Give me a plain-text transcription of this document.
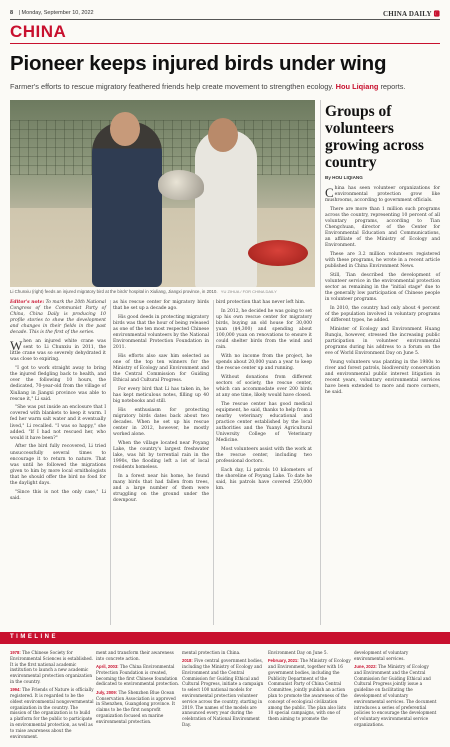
8 | Monday, September 10, 2022	CHINA DAILY 🅲
CHINA
Pioneer keeps injured birds under wing
Farmer's efforts to rescue migratory feathered friends help create movement to strengthen ecology. Hou Liqiang reports.
Li Chunxiu (right) feeds an injured migratory bird at the birds' hospital in Xiuliang, Jiangxi province, in 2010. YU ZIHUA / FOR CHINA DAILY

Editor's note: To mark the 20th National Congress of the Communist Party of China, China Daily is producing 10 profile stories to show the development and changes in their fields in the past decade. This is the first of the series.

When an injured white crane was sent to Li Chunxiu in 2011, the little crane was so severely dehydrated it was close to expiring.

"I got to work straight away to bring the injured fledgling back to health, and over the following 10 hours, the dedicated, 70-year-old from the village of Xiuliang in Jiangxi province was able to rescue it," Li said.

"She was put inside an enclosure that I covered with blankets to keep it warm. I fed her warm salt water and it eventually lived," Li recalled. "I was so happy," she added. "If I had not rescued her, who would it have been?"

After the bird fully recovered, Li tried unsuccessfully several times to encourage it to return to nature. That was until he followed the migrations given to him by more local ornithologists that he should offer the bird no food for the daylight days.

"Since this is not the only case," Li said.

as his rescue center for migratory birds that he set up a decade ago.

His good deeds in protecting migratory birds was that the hour of being released as one of the ten most respected Chinese environmental volunteers by the National Environmental Protection Foundation in 2011.

His efforts also saw him selected as one of the top ten winners for the Ministry of Ecology and Environment and the Central Commission for Guiding Ethical and Cultural Progress.

For every bird that Li has taken in, he has kept meticulous notes, filling up 40 big notebooks and still.

His enthusiasm for protecting migratory birds dates back about two decades. When he set up his rescue center in 2012, however, he mostly worked alone.

When the village located near Poyang Lake, the country's largest freshwater lake, was hit by torrential rain in the 1990s, the flooding left a lot of local residents homeless.

In a forest near his home, he found many birds that had fallen from trees, and a large number of them were struggling on the ground under the downpour.

bird protection that has never left him.

In 2012, he decided he was going to set up his own rescue center for migratory birds, buying an old house for 30,000 yuan ($4,300) and spending about 100,000 yuan on renovations to ensure it could shelter birds from the wind and rain.

With no income from the project, he spends about 20,000 yuan a year to keep the rescue center up and running.

Without donations from different sectors of society, the rescue center, which can accommodate over 200 birds at any one time, likely would have closed.

The rescue center has good medical equipment, he said, thanks to help from a nearby veterinary educational and practice center established by the local authorities and the Yuanyi Agricultural University College of Veterinary Medicine.

Most volunteers assist with the work at the rescue center, including two professional doctors.

Each day, Li patrols 10 kilometers of the shoreline of Poyang Lake. To date he said, his patrols have covered 250,000 km.

Groups of volunteers growing across country
By HOU LIQIANG

China has seen volunteer organizations for environmental protection grow like mushrooms, according to government officials.

There are more than 1 million such programs across the country, representing 10 percent of all voluntary programs, according to Tian Chengchuan, director of the Center for Environmental Education and Communications, an affiliate of the Ministry of Ecology and Environment.

These are 3.2 million volunteers registered with these programs, he wrote in a recent article published in China Environment News.

Still, Tian described the development of volunteer service in the environmental protection sector as remaining in the "initial stage" due to the generally low participation of Chinese people in volunteer programs.

In 2010, the country had only about 4 percent of the population involved in voluntary programs of different types, he added.

Minister of Ecology and Environment Huang Runqiu, however, stressed the increasing public participation in volunteer environmental programs during his address to a forum on the eve of World Environment Day on June 5.

Young volunteers was planting in the 1980s to river and forest patrols, biodiversity conservation and environmental public interest litigation in recent years, voluntary environmental services have been extended to more and more corners, he said.

TIMELINE

1978: The Chinese Society for Environmental Sciences is established. It is the first national academic institution to launch a new academic environmental protection organization in the country.

1994: The Friends of Nature is officially registered. It is regarded to be the oldest environmental nongovernmental organization in the country. The mission of the organization is to build a platform for the public to participate in environmental protection, as well as to raise awareness about the environment.

ment and transform their awareness into concrete action.

April, 2003: The China Environmental Protection Foundation is created, becoming the first Chinese foundation dedicated to environmental protection.

July, 2009: The Shenzhen Blue Ocean Conservation Association is approved in Shenzhen, Guangdong province. It claims to be the first nonprofit organization focused on marine environmental protection.

mental protection in China.

2018: Five central government bodies, including the Ministry of Ecology and Environment and the Central Commission for Guiding Ethical and Cultural Progress, initiate a campaign to select 100 national models for environmental protection volunteer service across the country, starting in 2019. The names of the models are announced every year during the celebration of National Environment Day.

Environment Day on June 5.

February, 2021: The Ministry of Ecology and Environment, together with 16 government bodies, including the Publicity Department of the Communist Party of China Central Committee, jointly publish an action plan to promote the awareness of the concept of ecological civilization among the public. The plan also lists 10 special campaigns, with one of them aiming to promote the

development of voluntary environmental services.

June, 2022: The Ministry of Ecology and Environment and the Central Commission for Guiding Ethical and Cultural Progress jointly issue a guideline on facilitating the development of voluntary environmental services. The document introduces a series of preferential policies to encourage the development of voluntary environmental service organizations.
